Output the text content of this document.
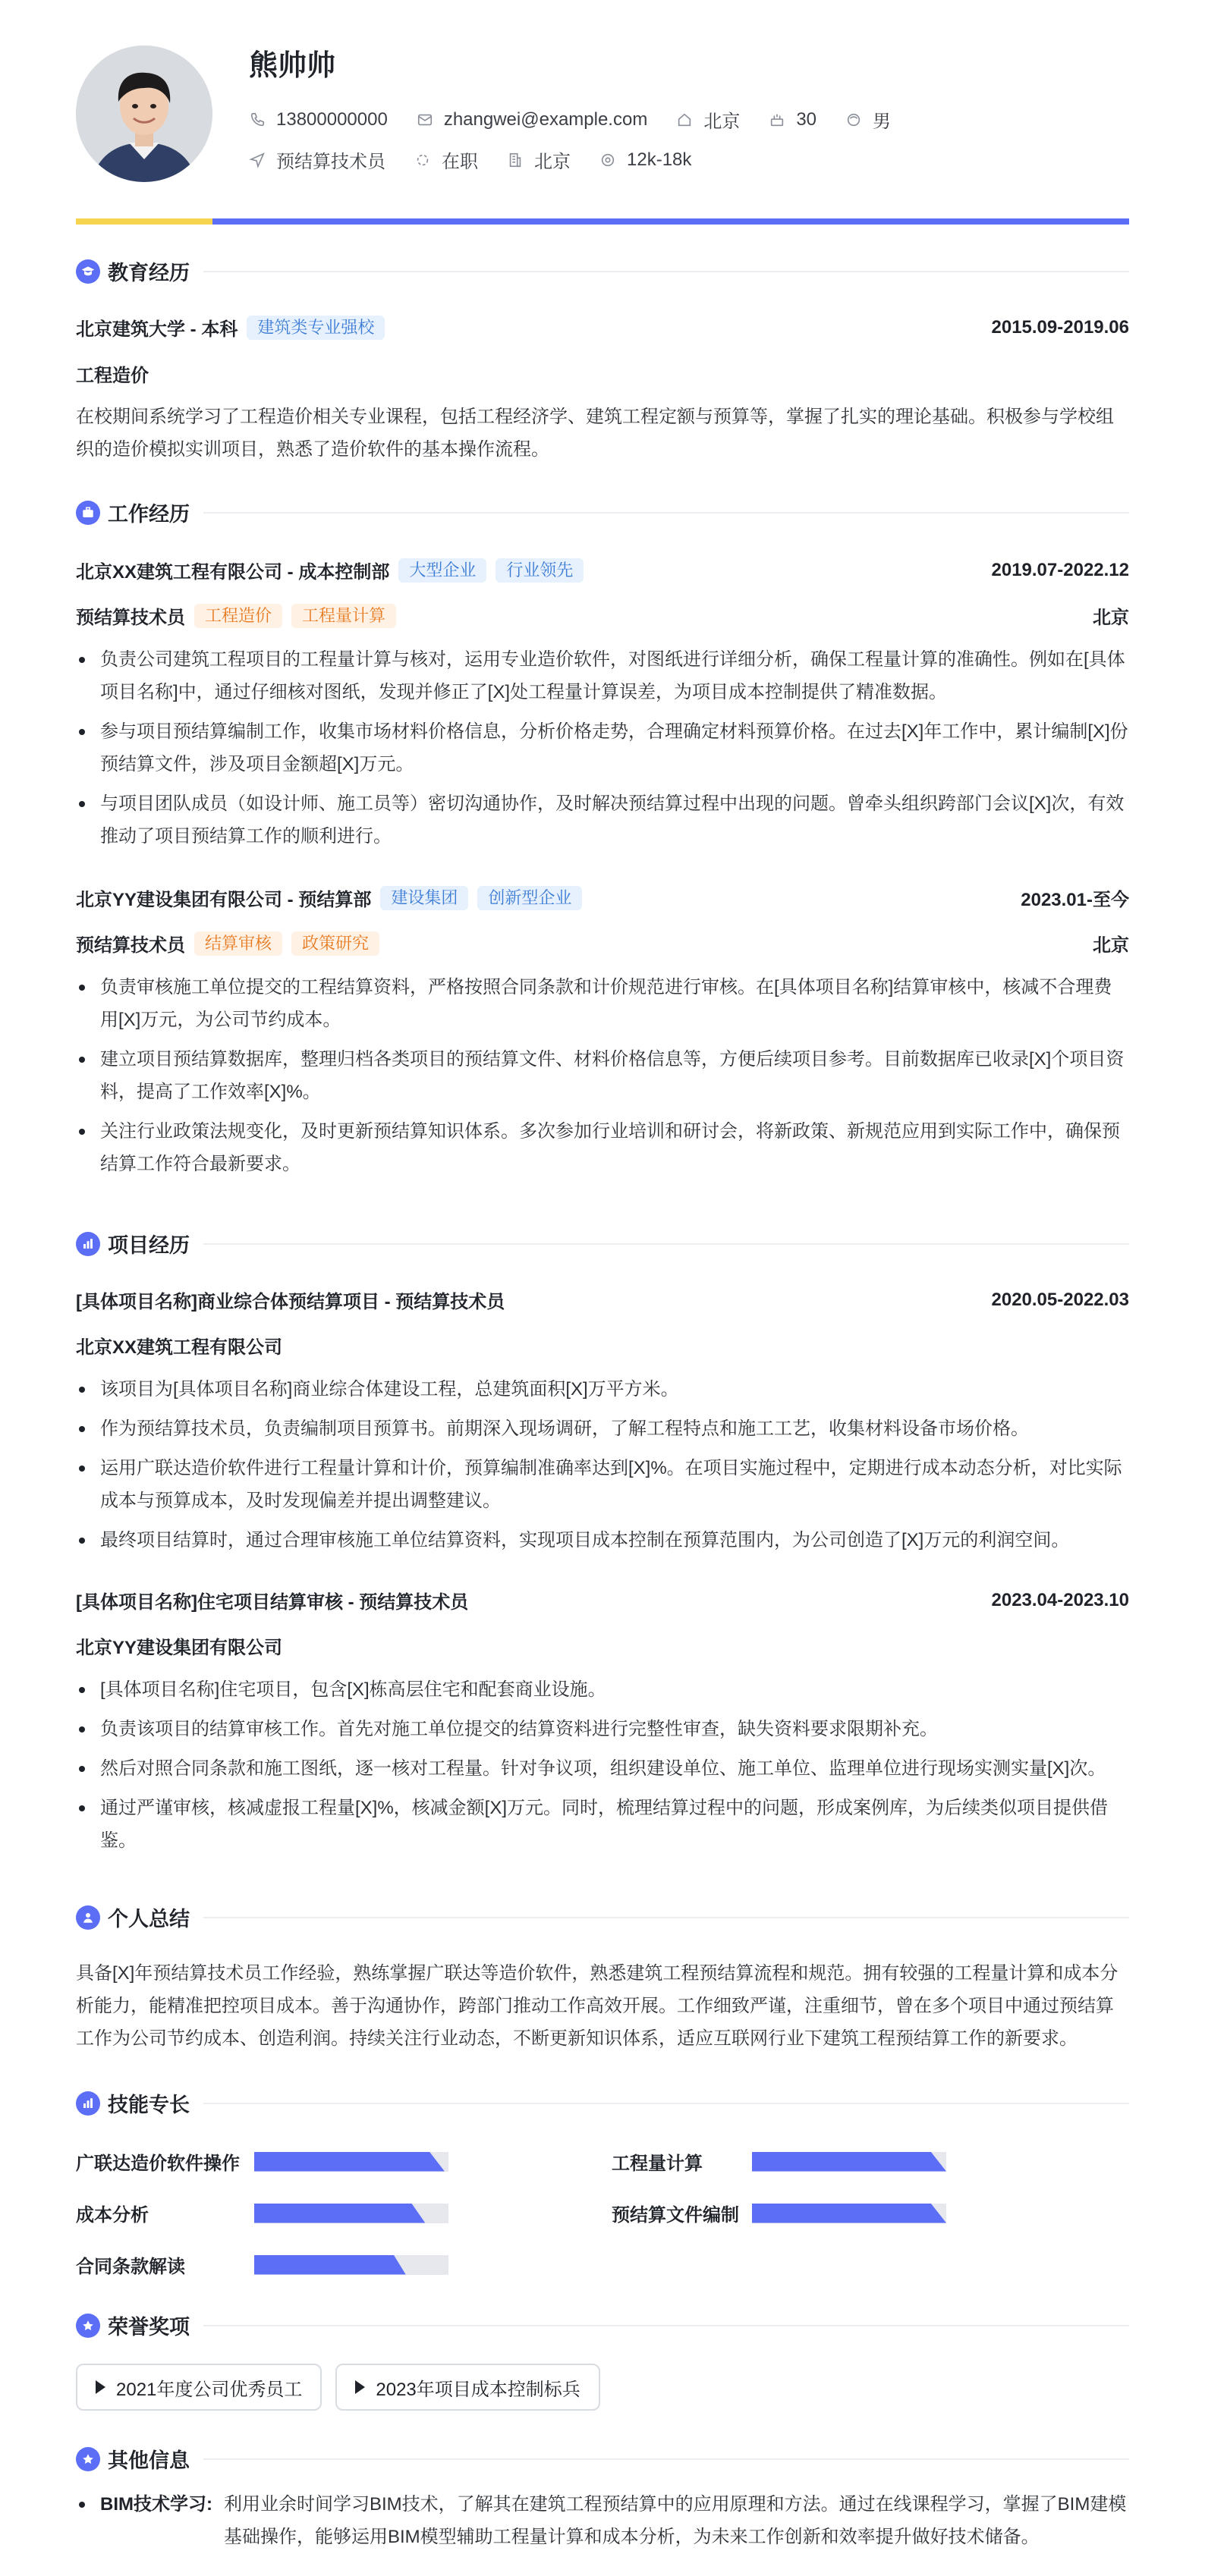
熊帅帅
13800000000	zhangwei@example.com	北京	30	男
预结算技术员	在职	北京	12k-18k
教育经历
北京建筑大学 - 本科	建筑类专业强校	2015.09-2019.06
工程造价
在校期间系统学习了工程造价相关专业课程，包括工程经济学、建筑工程定额与预算等，掌握了扎实的理论基础。积极参与学校组织的造价模拟实训项目，熟悉了造价软件的基本操作流程。
工作经历
北京XX建筑工程有限公司 - 成本控制部	大型企业	行业领先	2019.07-2022.12
预结算技术员	工程造价	工程量计算	北京
负责公司建筑工程项目的工程量计算与核对，运用专业造价软件，对图纸进行详细分析，确保工程量计算的准确性。例如在[具体项目名称]中，通过仔细核对图纸，发现并修正了[X]处工程量计算误差，为项目成本控制提供了精准数据。
参与项目预结算编制工作，收集市场材料价格信息，分析价格走势，合理确定材料预算价格。在过去[X]年工作中，累计编制[X]份预结算文件，涉及项目金额超[X]万元。
与项目团队成员（如设计师、施工员等）密切沟通协作，及时解决预结算过程中出现的问题。曾牵头组织跨部门会议[X]次，有效推动了项目预结算工作的顺利进行。
北京YY建设集团有限公司 - 预结算部	建设集团	创新型企业	2023.01-至今
预结算技术员	结算审核	政策研究	北京
负责审核施工单位提交的工程结算资料，严格按照合同条款和计价规范进行审核。在[具体项目名称]结算审核中，核减不合理费用[X]万元，为公司节约成本。
建立项目预结算数据库，整理归档各类项目的预结算文件、材料价格信息等，方便后续项目参考。目前数据库已收录[X]个项目资料，提高了工作效率[X]%。
关注行业政策法规变化，及时更新预结算知识体系。多次参加行业培训和研讨会，将新政策、新规范应用到实际工作中，确保预结算工作符合最新要求。
项目经历
[具体项目名称]商业综合体预结算项目 - 预结算技术员	2020.05-2022.03
北京XX建筑工程有限公司
该项目为[具体项目名称]商业综合体建设工程，总建筑面积[X]万平方米。
作为预结算技术员，负责编制项目预算书。前期深入现场调研，了解工程特点和施工工艺，收集材料设备市场价格。
运用广联达造价软件进行工程量计算和计价，预算编制准确率达到[X]%。在项目实施过程中，定期进行成本动态分析，对比实际成本与预算成本，及时发现偏差并提出调整建议。
最终项目结算时，通过合理审核施工单位结算资料，实现项目成本控制在预算范围内，为公司创造了[X]万元的利润空间。
[具体项目名称]住宅项目结算审核 - 预结算技术员	2023.04-2023.10
北京YY建设集团有限公司
[具体项目名称]住宅项目，包含[X]栋高层住宅和配套商业设施。
负责该项目的结算审核工作。首先对施工单位提交的结算资料进行完整性审查，缺失资料要求限期补充。
然后对照合同条款和施工图纸，逐一核对工程量。针对争议项，组织建设单位、施工单位、监理单位进行现场实测实量[X]次。
通过严谨审核，核减虚报工程量[X]%，核减金额[X]万元。同时，梳理结算过程中的问题，形成案例库，为后续类似项目提供借鉴。
个人总结
具备[X]年预结算技术员工作经验，熟练掌握广联达等造价软件，熟悉建筑工程预结算流程和规范。拥有较强的工程量计算和成本分析能力，能精准把控项目成本。善于沟通协作，跨部门推动工作高效开展。工作细致严谨，注重细节，曾在多个项目中通过预结算工作为公司节约成本、创造利润。持续关注行业动态，不断更新知识体系，适应互联网行业下建筑工程预结算工作的新要求。
技能专长
广联达造价软件操作	工程量计算
成本分析	预结算文件编制
合同条款解读
荣誉奖项
2021年度公司优秀员工	2023年项目成本控制标兵
其他信息
BIM技术学习: 利用业余时间学习BIM技术，了解其在建筑工程预结算中的应用原理和方法。通过在线课程学习，掌握了BIM建模基础操作，能够运用BIM模型辅助工程量计算和成本分析，为未来工作创新和效率提升做好技术储备。
